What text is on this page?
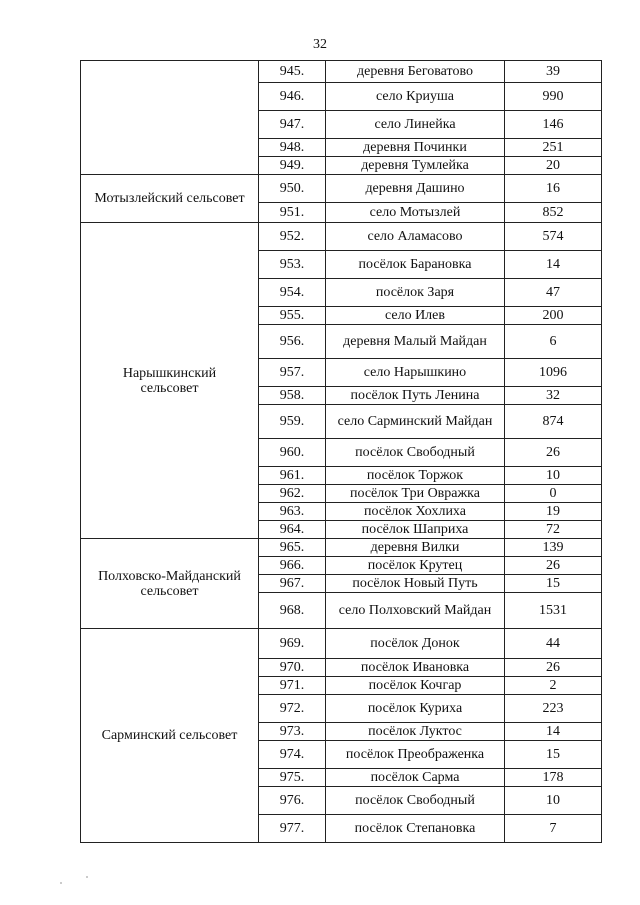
32
	945.	деревня Беговатово	39
	946.	село Криуша	990
	947.	село Линейка	146
	948.	деревня Починки	251
	949.	деревня Тумлейка	20
Мотызлейский сельсовет	950.	деревня Дашино	16
	951.	село Мотызлей	852
Нарышкинский сельсовет	952.	село Аламасово	574
	953.	посёлок Барановка	14
	954.	посёлок Заря	47
	955.	село Илев	200
	956.	деревня Малый Майдан	6
	957.	село Нарышкино	1096
	958.	посёлок Путь Ленина	32
	959.	село Сарминский Майдан	874
	960.	посёлок Свободный	26
	961.	посёлок Торжок	10
	962.	посёлок Три Овражка	0
	963.	посёлок Хохлиха	19
	964.	посёлок Шаприха	72
Полховско-Майданский сельсовет	965.	деревня Вилки	139
	966.	посёлок Крутец	26
	967.	посёлок Новый Путь	15
	968.	село Полховский Майдан	1531
Сарминский сельсовет	969.	посёлок Донок	44
	970.	посёлок Ивановка	26
	971.	посёлок Кочгар	2
	972.	посёлок Куриха	223
	973.	посёлок Луктос	14
	974.	посёлок Преображенка	15
	975.	посёлок Сарма	178
	976.	посёлок Свободный	10
	977.	посёлок Степановка	7
